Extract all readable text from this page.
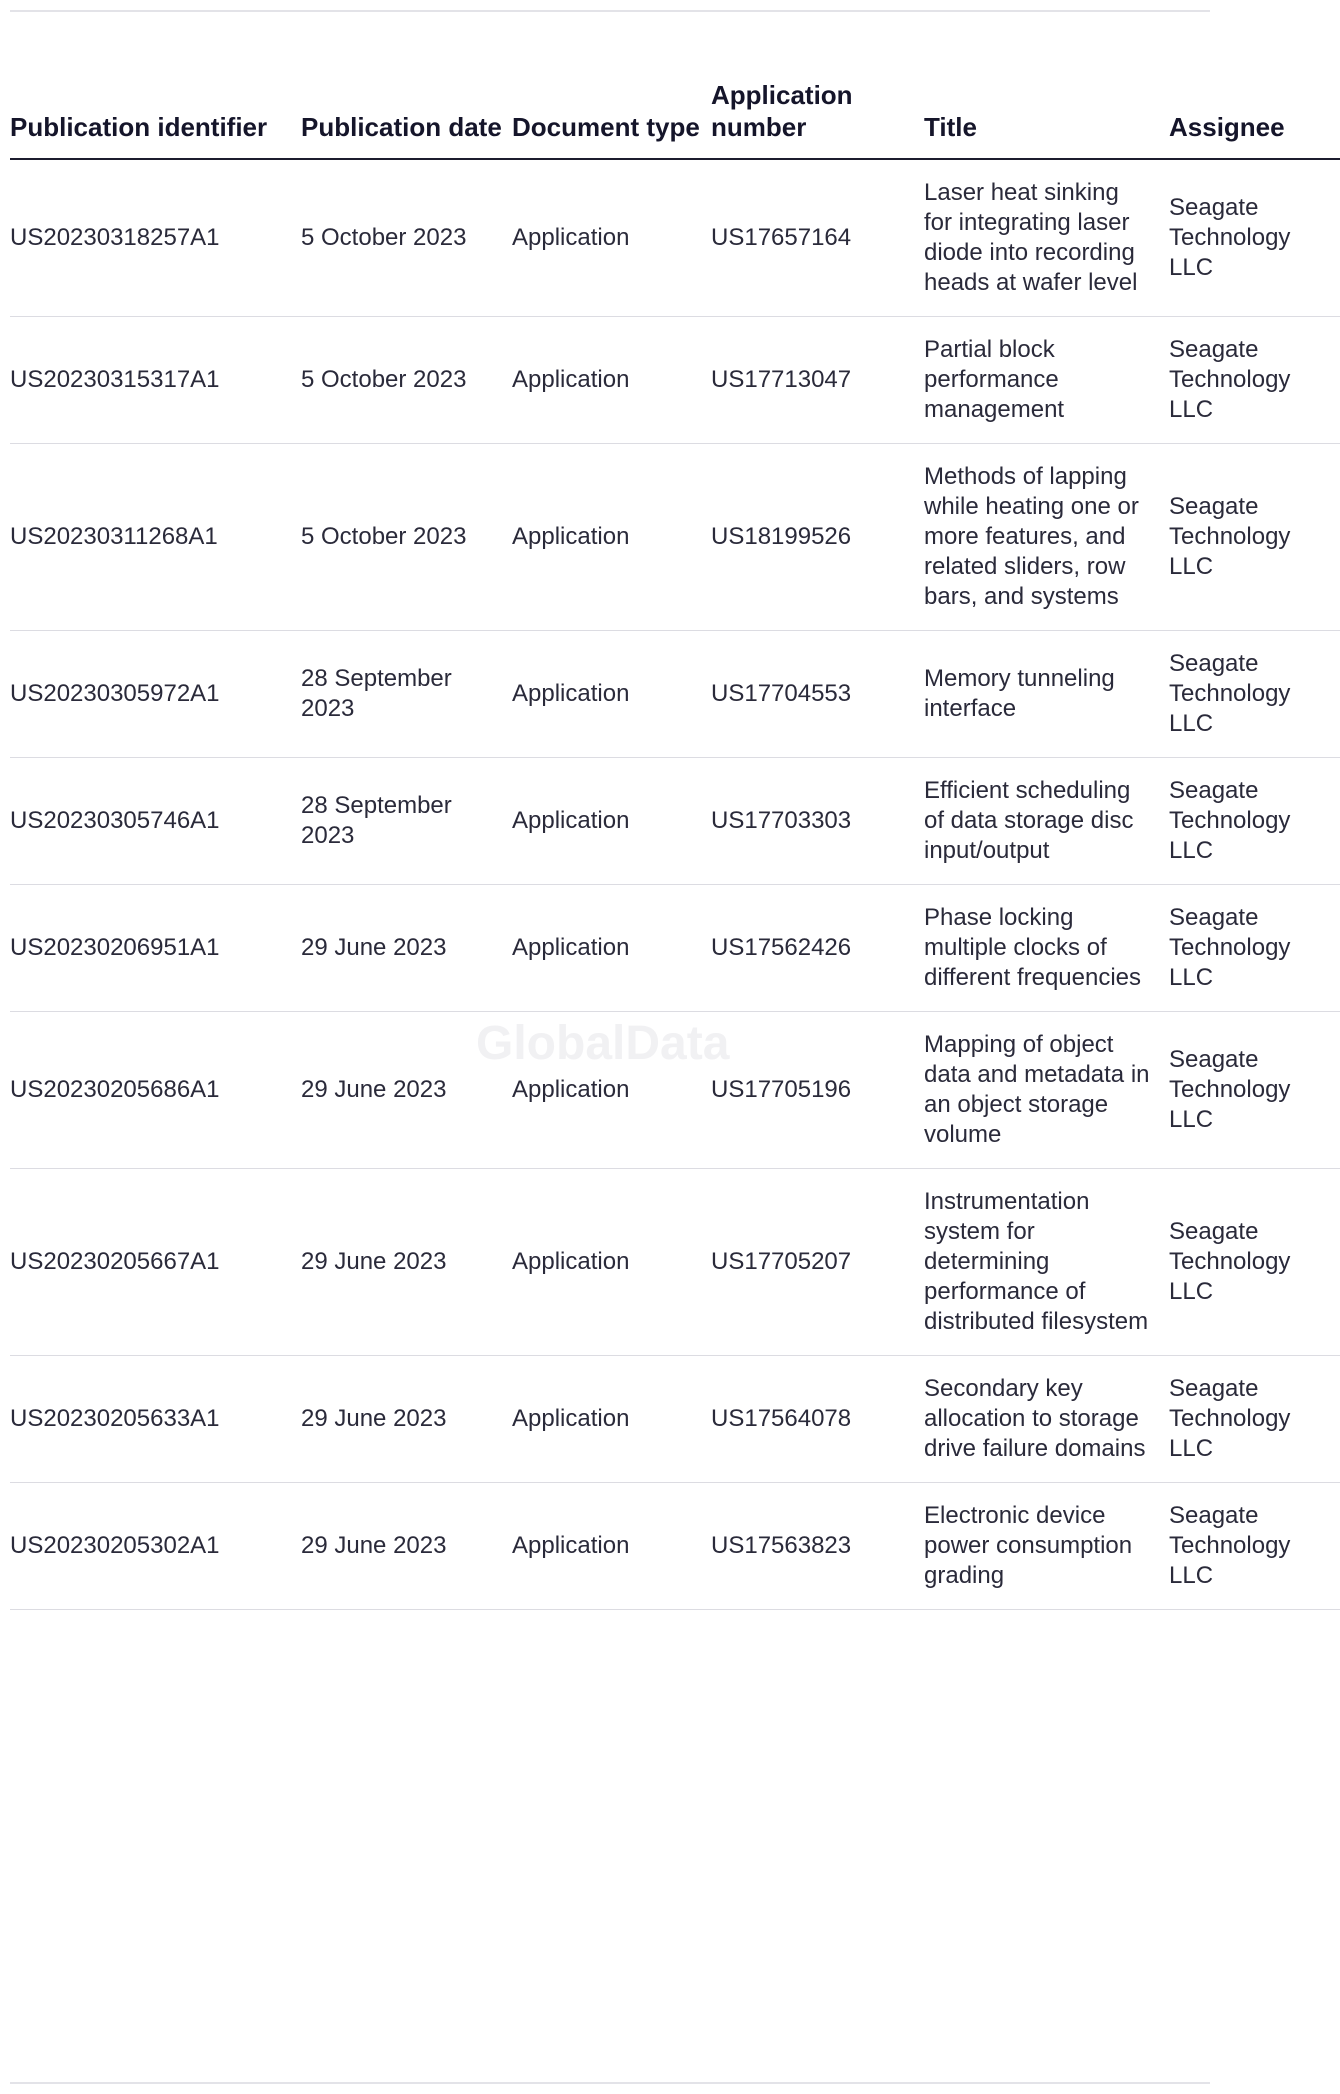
GlobalData
Publication identifier	Publication date	Document type	Application number	Title	Assignee
US20230318257A1	5 October 2023	Application	US17657164	Laser heat sinking for integrating laser diode into recording heads at wafer level	Seagate Technology LLC
US20230315317A1	5 October 2023	Application	US17713047	Partial block performance management	Seagate Technology LLC
US20230311268A1	5 October 2023	Application	US18199526	Methods of lapping while heating one or more features, and related sliders, row bars, and systems	Seagate Technology LLC
US20230305972A1	28 September 2023	Application	US17704553	Memory tunneling interface	Seagate Technology LLC
US20230305746A1	28 September 2023	Application	US17703303	Efficient scheduling of data storage disc input/output	Seagate Technology LLC
US20230206951A1	29 June 2023	Application	US17562426	Phase locking multiple clocks of different frequencies	Seagate Technology LLC
US20230205686A1	29 June 2023	Application	US17705196	Mapping of object data and metadata in an object storage volume	Seagate Technology LLC
US20230205667A1	29 June 2023	Application	US17705207	Instrumentation system for determining performance of distributed filesystem	Seagate Technology LLC
US20230205633A1	29 June 2023	Application	US17564078	Secondary key allocation to storage drive failure domains	Seagate Technology LLC
US20230205302A1	29 June 2023	Application	US17563823	Electronic device power consumption grading	Seagate Technology LLC
